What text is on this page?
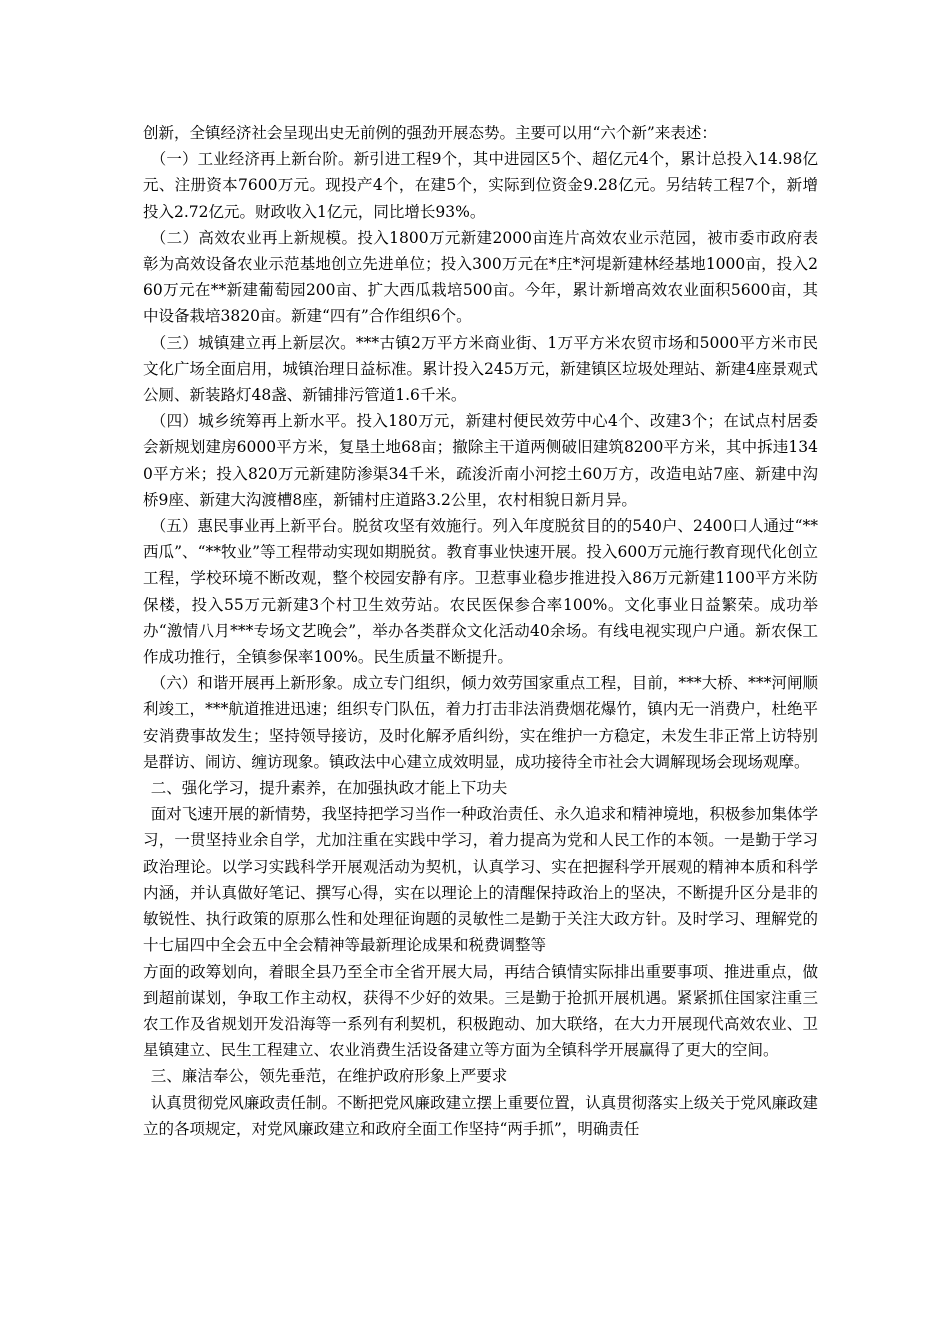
创新，全镇经济社会呈现出史无前例的强劲开展态势。主要可以用“六个新”来表述：

（一）工业经济再上新台阶。新引进工程9个，其中进园区5个、超亿元4个，累计总投入14.98亿元、注册资本7600万元。现投产4个，在建5个，实际到位资金9.28亿元。另结转工程7个，新增投入2.72亿元。财政收入1亿元，同比增长93%。

（二）高效农业再上新规模。投入1800万元新建2000亩连片高效农业示范园，被市委市政府表彰为高效设备农业示范基地创立先进单位；投入300万元在*庄*河堤新建林经基地1000亩，投入260万元在**新建葡萄园200亩、扩大西瓜栽培500亩。今年，累计新增高效农业面积5600亩，其中设备栽培3820亩。新建“四有”合作组织6个。

（三）城镇建立再上新层次。***古镇2万平方米商业街、1万平方米农贸市场和5000平方米市民文化广场全面启用，城镇治理日益标准。累计投入245万元，新建镇区垃圾处理站、新建4座景观式公厕、新装路灯48盏、新铺排污管道1.6千米。

（四）城乡统筹再上新水平。投入180万元，新建村便民效劳中心4个、改建3个；在试点村居委会新规划建房6000平方米，复垦土地68亩；撤除主干道两侧破旧建筑8200平方米，其中拆违1340平方米；投入820万元新建防渗渠34千米，疏浚沂南小河挖土60万方，改造电站7座、新建中沟桥9座、新建大沟渡槽8座，新铺村庄道路3.2公里，农村相貌日新月异。

（五）惠民事业再上新平台。脱贫攻坚有效施行。列入年度脱贫目的的540户、2400口人通过“**西瓜”、“**牧业”等工程带动实现如期脱贫。教育事业快速开展。投入600万元施行教育现代化创立工程，学校环境不断改观，整个校园安静有序。卫惹事业稳步推进投入86万元新建1100平方米防保楼，投入55万元新建3个村卫生效劳站。农民医保参合率100%。文化事业日益繁荣。成功举办“激情八月***专场文艺晚会”，举办各类群众文化活动40余场。有线电视实现户户通。新农保工作成功推行，全镇参保率100%。民生质量不断提升。

（六）和谐开展再上新形象。成立专门组织，倾力效劳国家重点工程，目前，***大桥、***河闸顺利竣工，***航道推进迅速；组织专门队伍，着力打击非法消费烟花爆竹，镇内无一消费户，杜绝平安消费事故发生；坚持领导接访，及时化解矛盾纠纷，实在维护一方稳定，未发生非正常上访特别是群访、闹访、缠访现象。镇政法中心建立成效明显，成功接待全市社会大调解现场会现场观摩。

二、强化学习，提升素养，在加强执政才能上下功夫

面对飞速开展的新情势，我坚持把学习当作一种政治责任、永久追求和精神境地，积极参加集体学习，一贯坚持业余自学，尤加注重在实践中学习，着力提高为党和人民工作的本领。一是勤于学习政治理论。以学习实践科学开展观活动为契机，认真学习、实在把握科学开展观的精神本质和科学内涵，并认真做好笔记、撰写心得，实在以理论上的清醒保持政治上的坚决，不断提升区分是非的敏锐性、执行政策的原那么性和处理征询题的灵敏性二是勤于关注大政方针。及时学习、理解党的十七届四中全会五中全会精神等最新理论成果和税费调整等

方面的政筹划向，着眼全县乃至全市全省开展大局，再结合镇情实际排出重要事项、推进重点，做到超前谋划，争取工作主动权，获得不少好的效果。三是勤于抢抓开展机遇。紧紧抓住国家注重三农工作及省规划开发沿海等一系列有利契机，积极跑动、加大联络，在大力开展现代高效农业、卫星镇建立、民生工程建立、农业消费生活设备建立等方面为全镇科学开展赢得了更大的空间。

三、廉洁奉公，领先垂范，在维护政府形象上严要求

认真贯彻党风廉政责任制。不断把党风廉政建立摆上重要位置，认真贯彻落实上级关于党风廉政建立的各项规定，对党风廉政建立和政府全面工作坚持“两手抓”，明确责任
